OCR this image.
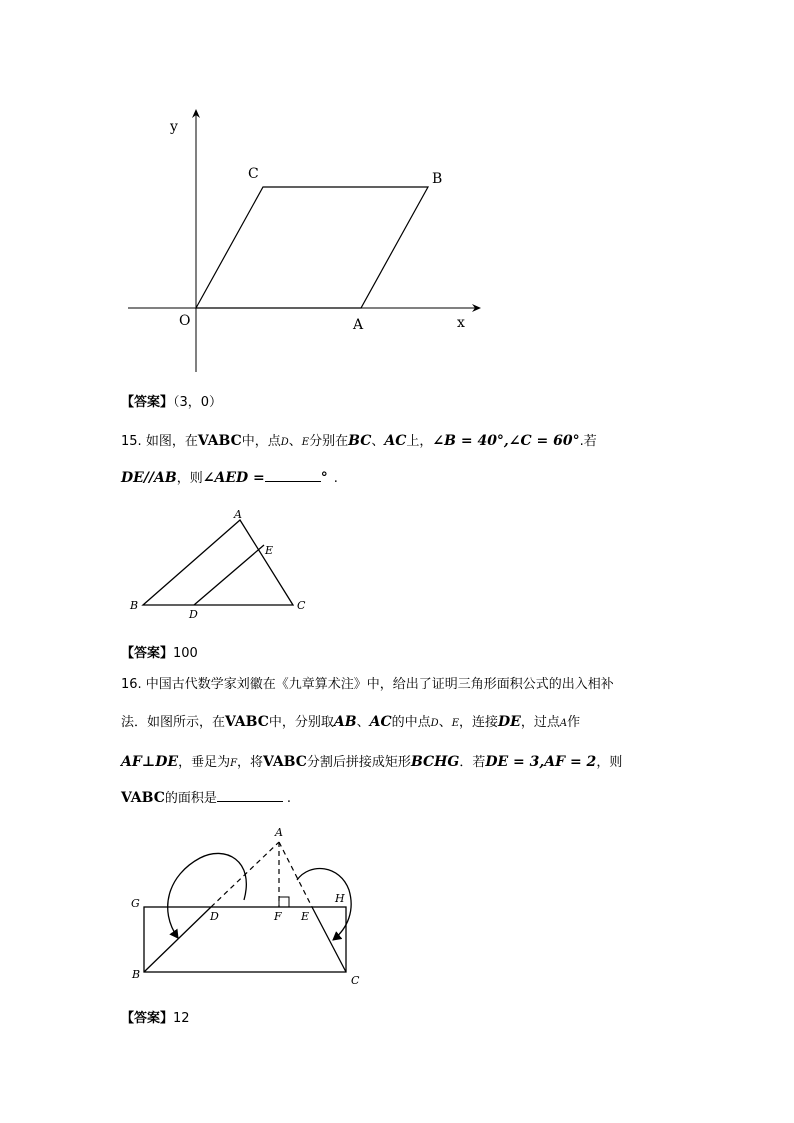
y
x
O	A
B
C
A
B	C
D
E
A
B	C
D	E
F
G	H
【答案】（3，0）
15. 如图，在VABC中，点D、E分别在BC、AC上，∠B = 40°,∠C = 60°.若
DE//AB，则∠AED =	° .
【答案】100
16. 中国古代数学家刘徽在《九章算术注》中，给出了证明三角形面积公式的出入相补
法．如图所示，在VABC中，分别取AB、AC的中点D、E，连接DE，过点A作
AF⊥DE，垂足为F，将VABC分割后拼接成矩形BCHG．若DE = 3,AF = 2，则
VABC的面积是	.
【答案】12
